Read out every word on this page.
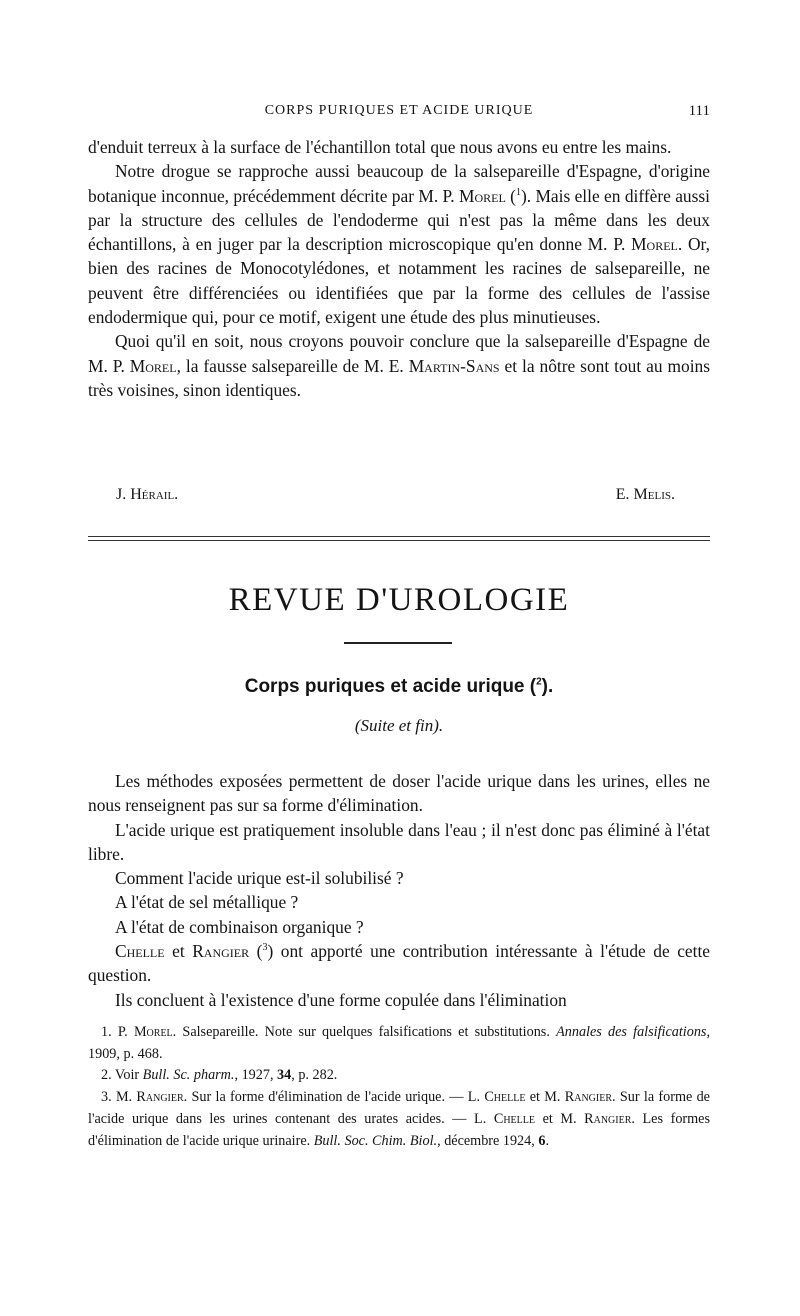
CORPS PURIQUES ET ACIDE URIQUE	111

d'enduit terreux à la surface de l'échantillon total que nous avons eu entre les mains.

Notre drogue se rapproche aussi beaucoup de la salsepareille d'Espagne, d'origine botanique inconnue, précédemment décrite par M. P. Morel ($^1$). Mais elle en diffère aussi par la structure des cellules de l'endoderme qui n'est pas la même dans les deux échantillons, à en juger par la description microscopique qu'en donne M. P. Morel. Or, bien des racines de Monocotylédones, et notamment les racines de salsepareille, ne peuvent être différenciées ou identifiées que par la forme des cellules de l'assise endodermique qui, pour ce motif, exigent une étude des plus minutieuses.

Quoi qu'il en soit, nous croyons pouvoir conclure que la salsepareille d'Espagne de M. P. Morel, la fausse salsepareille de M. E. Martin-Sans et la nôtre sont tout au moins très voisines, sinon identiques.

J. Hérail.	E. Melis.
REVUE D'UROLOGIE
Corps puriques et acide urique ($^2$).
(Suite et fin).

Les méthodes exposées permettent de doser l'acide urique dans les urines, elles ne nous renseignent pas sur sa forme d'élimination.

L'acide urique est pratiquement insoluble dans l'eau ; il n'est donc pas éliminé à l'état libre.

Comment l'acide urique est-il solubilisé ?

A l'état de sel métallique ?

A l'état de combinaison organique ?

Chelle et Rangier ($^3$) ont apporté une contribution intéressante à l'étude de cette question.

Ils concluent à l'existence d'une forme copulée dans l'élimination

1. P. Morel. Salsepareille. Note sur quelques falsifications et substitutions. Annales des falsifications, 1909, p. 468.

2. Voir Bull. Sc. pharm., 1927, 34, p. 282.

3. M. Rangier. Sur la forme d'élimination de l'acide urique. — L. Chelle et M. Rangier. Sur la forme de l'acide urique dans les urines contenant des urates acides. — L. Chelle et M. Rangier. Les formes d'élimination de l'acide urique urinaire. Bull. Soc. Chim. Biol., décembre 1924, 6.
